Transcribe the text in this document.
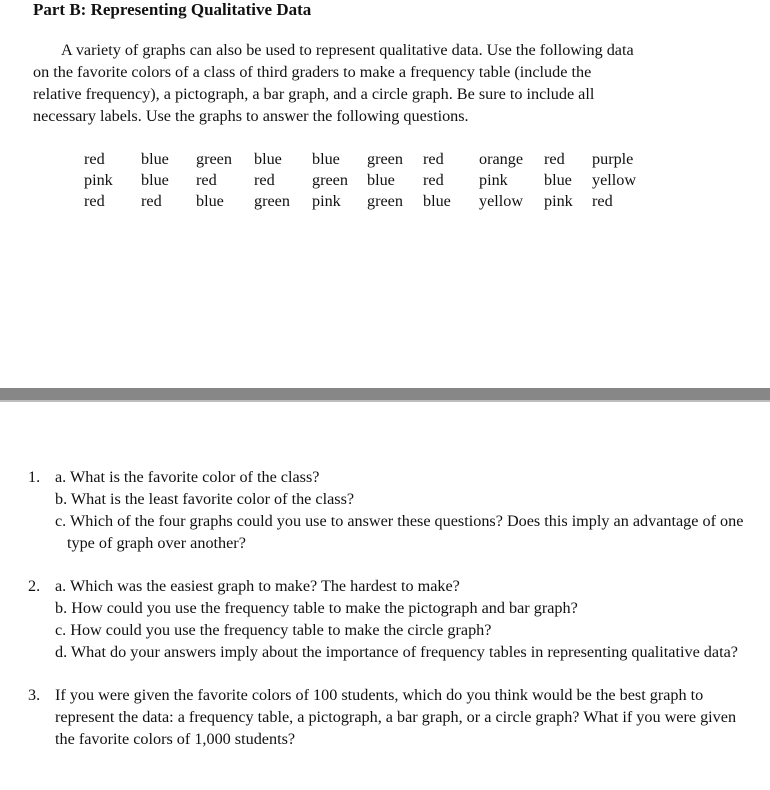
Part B: Representing Qualitative Data

A variety of graphs can also be used to represent qualitative data. Use the following data

on the favorite colors of a class of third graders to make a frequency table (include the

relative frequency), a pictograph, a bar graph, and a circle graph. Be sure to include all

necessary labels. Use the graphs to answer the following questions.

red blue green blue blue green red orange red purple
pink blue red red green blue red pink blue yellow
red red blue green pink green blue yellow pink red
1. a. What is the favorite color of the class?
b. What is the least favorite color of the class?
c. Which of the four graphs could you use to answer these questions? Does this imply an advantage of one type of graph over another?
2. a. Which was the easiest graph to make? The hardest to make?
b. How could you use the frequency table to make the pictograph and bar graph?
c. How could you use the frequency table to make the circle graph?
d. What do your answers imply about the importance of frequency tables in representing qualitative data?
3. If you were given the favorite colors of 100 students, which do you think would be the best graph to represent the data: a frequency table, a pictograph, a bar graph, or a circle graph? What if you were given the favorite colors of 1,000 students?
